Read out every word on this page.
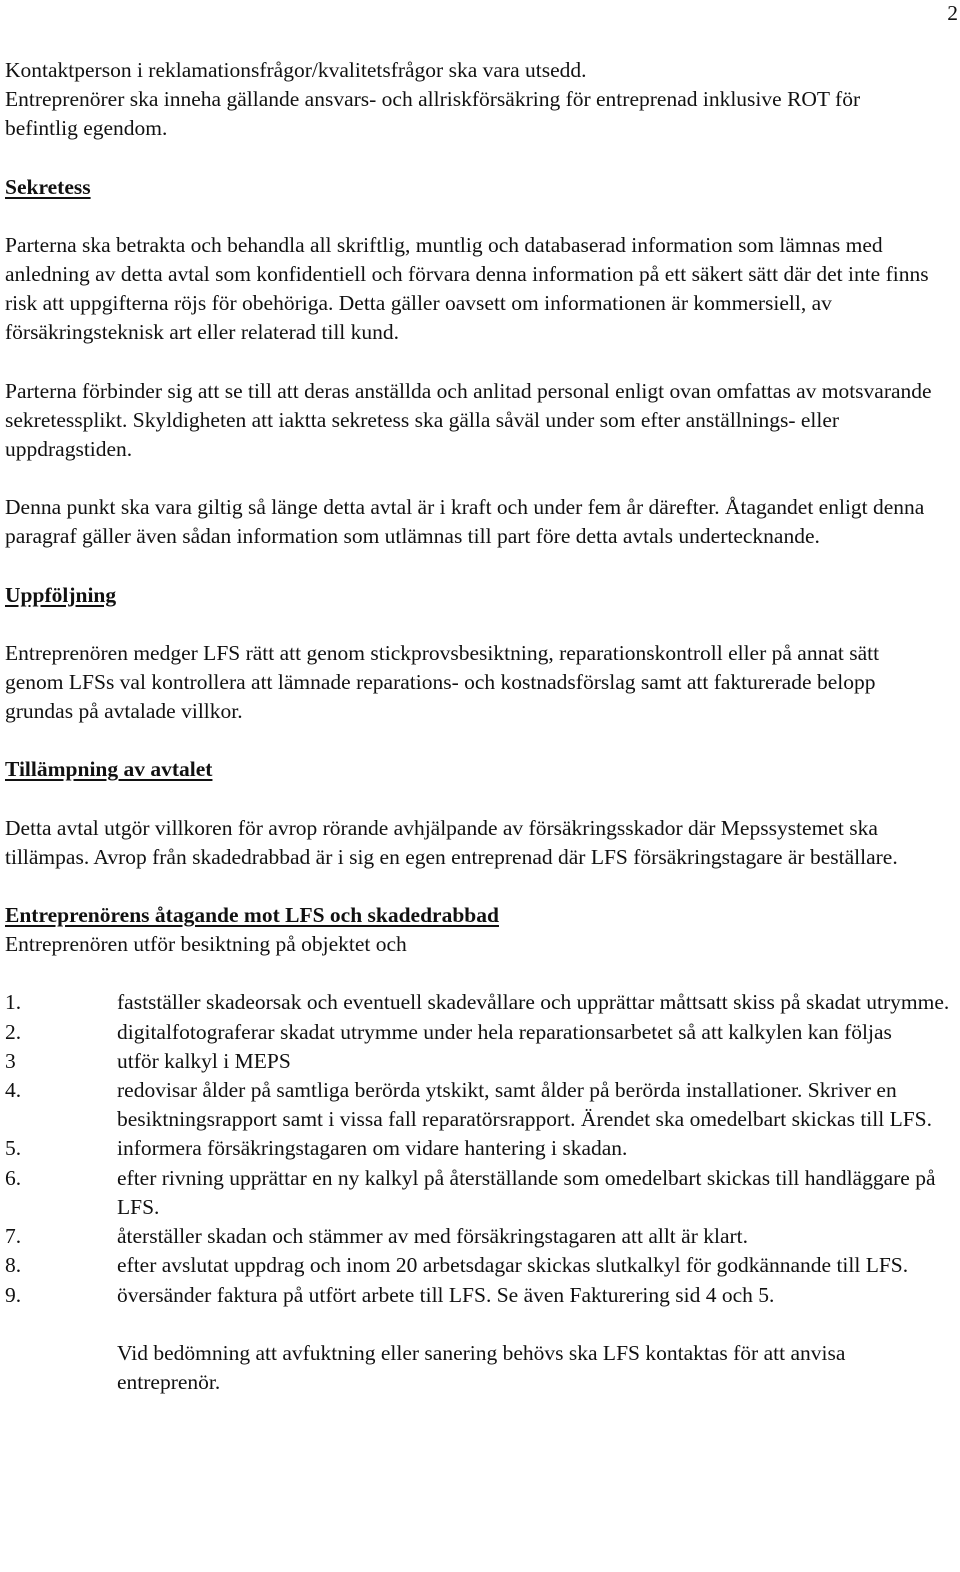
2

Kontaktperson i reklamationsfrågor/kvalitetsfrågor ska vara utsedd.

Entreprenörer ska inneha gällande ansvars- och allriskförsäkring för entreprenad inklusive ROT för befintlig egendom.

Sekretess

Parterna ska betrakta och behandla all skriftlig, muntlig och databaserad information som lämnas med anledning av detta avtal som konfidentiell och förvara denna information på ett säkert sätt där det inte finns risk att uppgifterna röjs för obehöriga. Detta gäller oavsett om informationen är kommersiell, av försäkringsteknisk art eller relaterad till kund.

Parterna förbinder sig att se till att deras anställda och anlitad personal enligt ovan omfattas av motsvarande sekretessplikt. Skyldigheten att iaktta sekretess ska gälla såväl under som efter anställnings- eller uppdragstiden.

Denna punkt ska vara giltig så länge detta avtal är i kraft och under fem år därefter. Åtagandet enligt denna paragraf gäller även sådan information som utlämnas till part före detta avtals undertecknande.

Uppföljning

Entreprenören medger LFS rätt att genom stickprovsbesiktning, reparationskontroll eller på annat sätt genom LFSs val kontrollera att lämnade reparations- och kostnadsförslag samt att fakturerade belopp grundas på avtalade villkor.

Tillämpning av avtalet

Detta avtal utgör villkoren för avrop rörande avhjälpande av försäkringsskador där Mepssystemet ska tillämpas. Avrop från skadedrabbad är i sig en egen entreprenad där LFS försäkringstagare är beställare.

Entreprenörens åtagande mot LFS och skadedrabbad

Entreprenören utför besiktning på objektet och

1.	fastställer skadeorsak och eventuell skadevållare och upprättar måttsatt skiss på skadat utrymme.
2.	digitalfotograferar skadat utrymme under hela reparationsarbetet så att kalkylen kan följas
3	utför kalkyl i MEPS
4.	redovisar ålder på samtliga berörda ytskikt, samt ålder på berörda installationer. Skriver en besiktningsrapport samt i vissa fall reparatörsrapport. Ärendet ska omedelbart skickas till LFS.
5.	informera försäkringstagaren om vidare hantering i skadan.
6.	efter rivning upprättar en ny kalkyl på återställande som omedelbart skickas till handläggare på LFS.
7.	återställer skadan och stämmer av med försäkringstagaren att allt är klart.
8.	efter avslutat uppdrag och inom 20 arbetsdagar skickas slutkalkyl för godkännande till LFS.
9.	översänder faktura på utfört arbete till LFS. Se även Fakturering sid 4 och 5.

Vid bedömning att avfuktning eller sanering behövs ska LFS kontaktas för att anvisa entreprenör.
